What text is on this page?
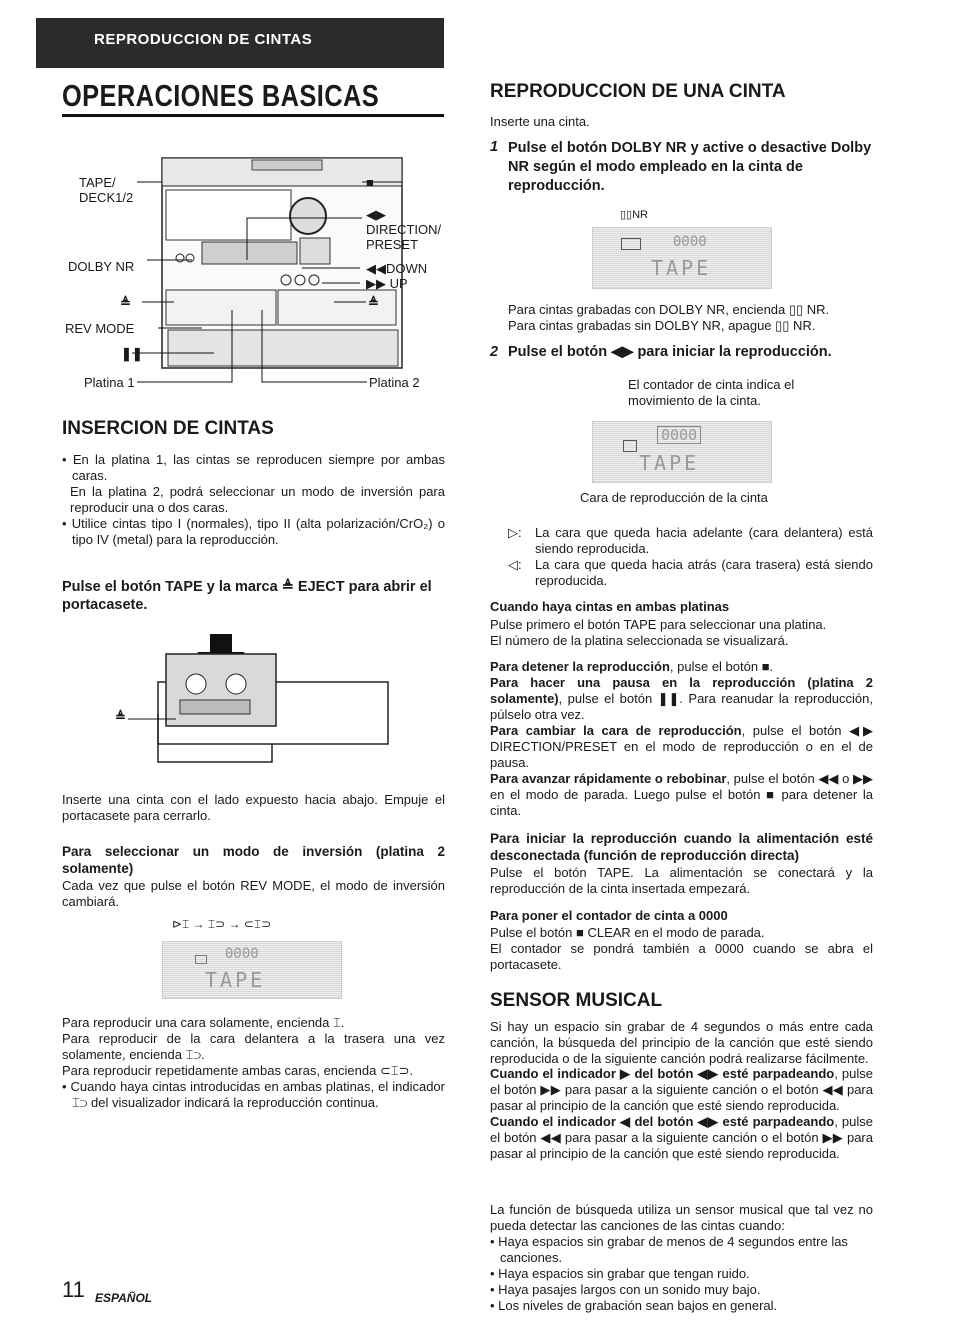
REPRODUCCION DE CINTAS
OPERACIONES BASICAS
TAPE/
DECK1/2
DOLBY NR
≜
REV MODE
❚❚
Platina 1
■
◀▶
DIRECTION/
PRESET
◀◀DOWN
▶▶ UP
≜
Platina 2
INSERCION DE CINTAS
• En la platina 1, las cintas se reproducen siempre por ambas caras.
En la platina 2, podrá seleccionar un modo de inversión para reproducir una o dos caras.
• Utilice cintas tipo I (normales), tipo II (alta polarización/CrO₂) o tipo IV (metal) para la reproducción.
Pulse el botón TAPE y la marca ≜ EJECT para abrir el portacasete.
≜
Inserte una cinta con el lado expuesto hacia abajo. Empuje el portacasete para cerrarlo.
Para seleccionar un modo de inversión (platina 2 solamente)
Cada vez que pulse el botón REV MODE, el modo de inversión cambiará.
⊳⌶ → ⌶⊃ → ⊂⌶⊃
0000
TAPE
Para reproducir una cara solamente, encienda ⌶.
Para reproducir de la cara delantera a la trasera una vez solamente, encienda ⌶⊃.
Para reproducir repetidamente ambas caras, encienda ⊂⌶⊃.
• Cuando haya cintas introducidas en ambas platinas, el indicador ⌶⊃ del visualizador indicará la reproducción continua.
11 ESPAÑOL
REPRODUCCION DE UNA CINTA
Inserte una cinta.
1 Pulse el botón DOLBY NR y active o desactive Dolby NR según el modo empleado en la cinta de reproducción.
▯▯NR
0000
TAPE
Para cintas grabadas con DOLBY NR, encienda ▯▯ NR.
Para cintas grabadas sin DOLBY NR, apague ▯▯ NR.
2 Pulse el botón ◀▶ para iniciar la reproducción.
El contador de cinta indica el movimiento de la cinta.
0000
TAPE
Cara de reproducción de la cinta
▷: La cara que queda hacia adelante (cara delantera) está siendo reproducida.
◁: La cara que queda hacia atrás (cara trasera) está siendo reproducida.
Cuando haya cintas en ambas platinas
Pulse primero el botón TAPE para seleccionar una platina.
El número de la platina seleccionada se visualizará.
Para detener la reproducción, pulse el botón ■.
Para hacer una pausa en la reproducción (platina 2 solamente), pulse el botón ❚❚. Para reanudar la reproducción, púlselo otra vez.
Para cambiar la cara de reproducción, pulse el botón ◀▶ DIRECTION/PRESET en el modo de reproducción o en el de pausa.
Para avanzar rápidamente o rebobinar, pulse el botón ◀◀ o ▶▶ en el modo de parada. Luego pulse el botón ■ para detener la cinta.
Para iniciar la reproducción cuando la alimentación esté desconectada (función de reproducción directa)
Pulse el botón TAPE. La alimentación se conectará y la reproducción de la cinta insertada empezará.
Para poner el contador de cinta a 0000
Pulse el botón ■ CLEAR en el modo de parada.
El contador se pondrá también a 0000 cuando se abra el portacasete.
SENSOR MUSICAL
Si hay un espacio sin grabar de 4 segundos o más entre cada canción, la búsqueda del principio de la canción que esté siendo reproducida o de la siguiente canción podrá realizarse fácilmente.
Cuando el indicador ▶ del botón ◀▶ esté parpadeando, pulse el botón ▶▶ para pasar a la siguiente canción o el botón ◀◀ para pasar al principio de la canción que esté siendo reproducida.
Cuando el indicador ◀ del botón ◀▶ esté parpadeando, pulse el botón ◀◀ para pasar a la siguiente canción o el botón ▶▶ para pasar al principio de la canción que esté siendo reproducida.
La función de búsqueda utiliza un sensor musical que tal vez no pueda detectar las canciones de las cintas cuando:
• Haya espacios sin grabar de menos de 4 segundos entre las canciones.
• Haya espacios sin grabar que tengan ruido.
• Haya pasajes largos con un sonido muy bajo.
• Los niveles de grabación sean bajos en general.
